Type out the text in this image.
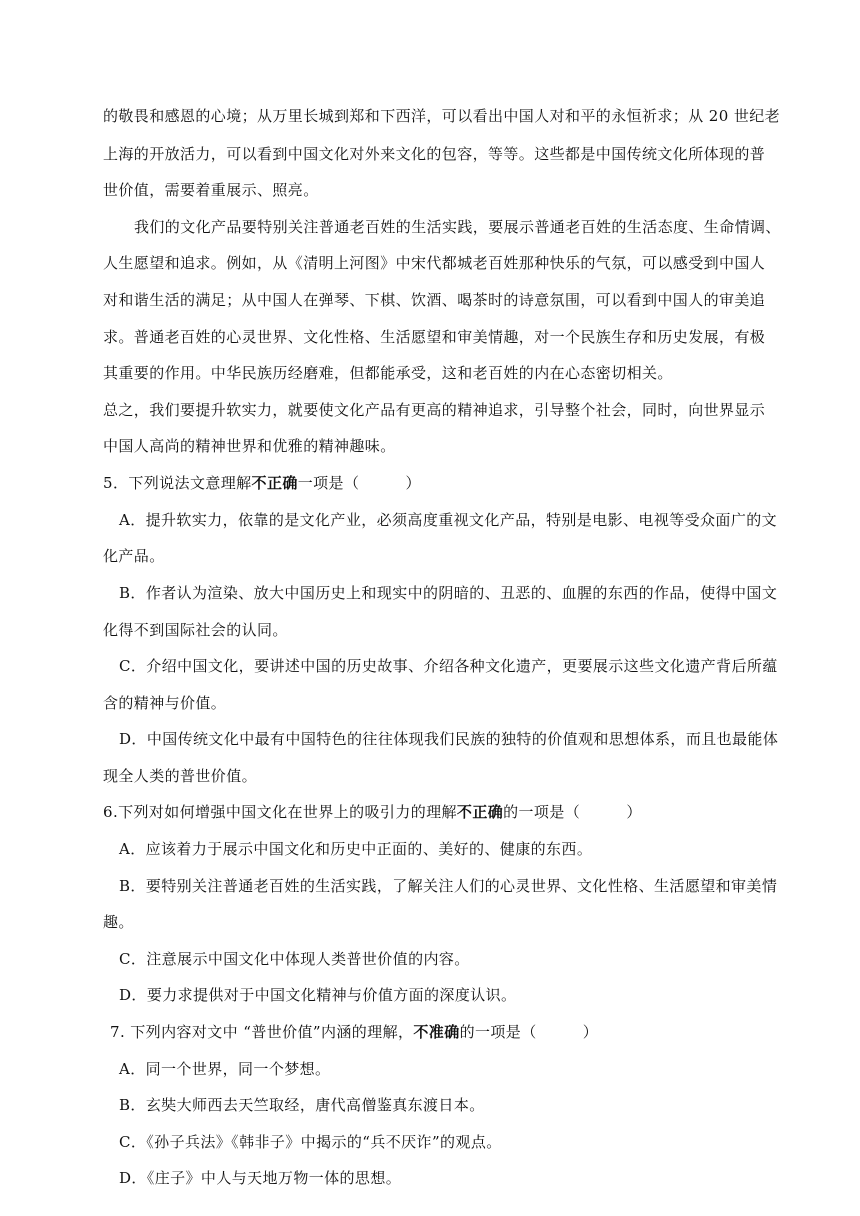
的敬畏和感恩的心境；从万里长城到郑和下西洋，可以看出中国人对和平的永恒祈求；从 20 世纪老
上海的开放活力，可以看到中国文化对外来文化的包容，等等。这些都是中国传统文化所体现的普
世价值，需要着重展示、照亮。
我们的文化产品要特别关注普通老百姓的生活实践，要展示普通老百姓的生活态度、生命情调、
人生愿望和追求。例如，从《清明上河图》中宋代都城老百姓那种快乐的气氛，可以感受到中国人
对和谐生活的满足；从中国人在弹琴、下棋、饮酒、喝茶时的诗意氛围，可以看到中国人的审美追
求。普通老百姓的心灵世界、文化性格、生活愿望和审美情趣，对一个民族生存和历史发展，有极
其重要的作用。中华民族历经磨难，但都能承受，这和老百姓的内在心态密切相关。
总之，我们要提升软实力，就要使文化产品有更高的精神追求，引导整个社会，同时，向世界显示
中国人高尚的精神世界和优雅的精神趣味。
5．下列说法文意理解不正确一项是（　　　）
A．提升软实力，依靠的是文化产业，必须高度重视文化产品，特别是电影、电视等受众面广的文
化产品。
B．作者认为渲染、放大中国历史上和现实中的阴暗的、丑恶的、血腥的东西的作品，使得中国文
化得不到国际社会的认同。
C．介绍中国文化，要讲述中国的历史故事、介绍各种文化遗产，更要展示这些文化遗产背后所蕴
含的精神与价值。
D．中国传统文化中最有中国特色的往往体现我们民族的独特的价值观和思想体系，而且也最能体
现全人类的普世价值。
6.下列对如何增强中国文化在世界上的吸引力的理解不正确的一项是（　　　）
A．应该着力于展示中国文化和历史中正面的、美好的、健康的东西。
B．要特别关注普通老百姓的生活实践，了解关注人们的心灵世界、文化性格、生活愿望和审美情
趣。
C．注意展示中国文化中体现人类普世价值的内容。
D．要力求提供对于中国文化精神与价值方面的深度认识。
7. 下列内容对文中 “普世价值”内涵的理解，不准确的一项是（　　　）
A．同一个世界，同一个梦想。
B．玄奘大师西去天竺取经，唐代高僧鉴真东渡日本。
C．《孙子兵法》《韩非子》中揭示的“兵不厌诈”的观点。
D．《庄子》中人与天地万物一体的思想。
